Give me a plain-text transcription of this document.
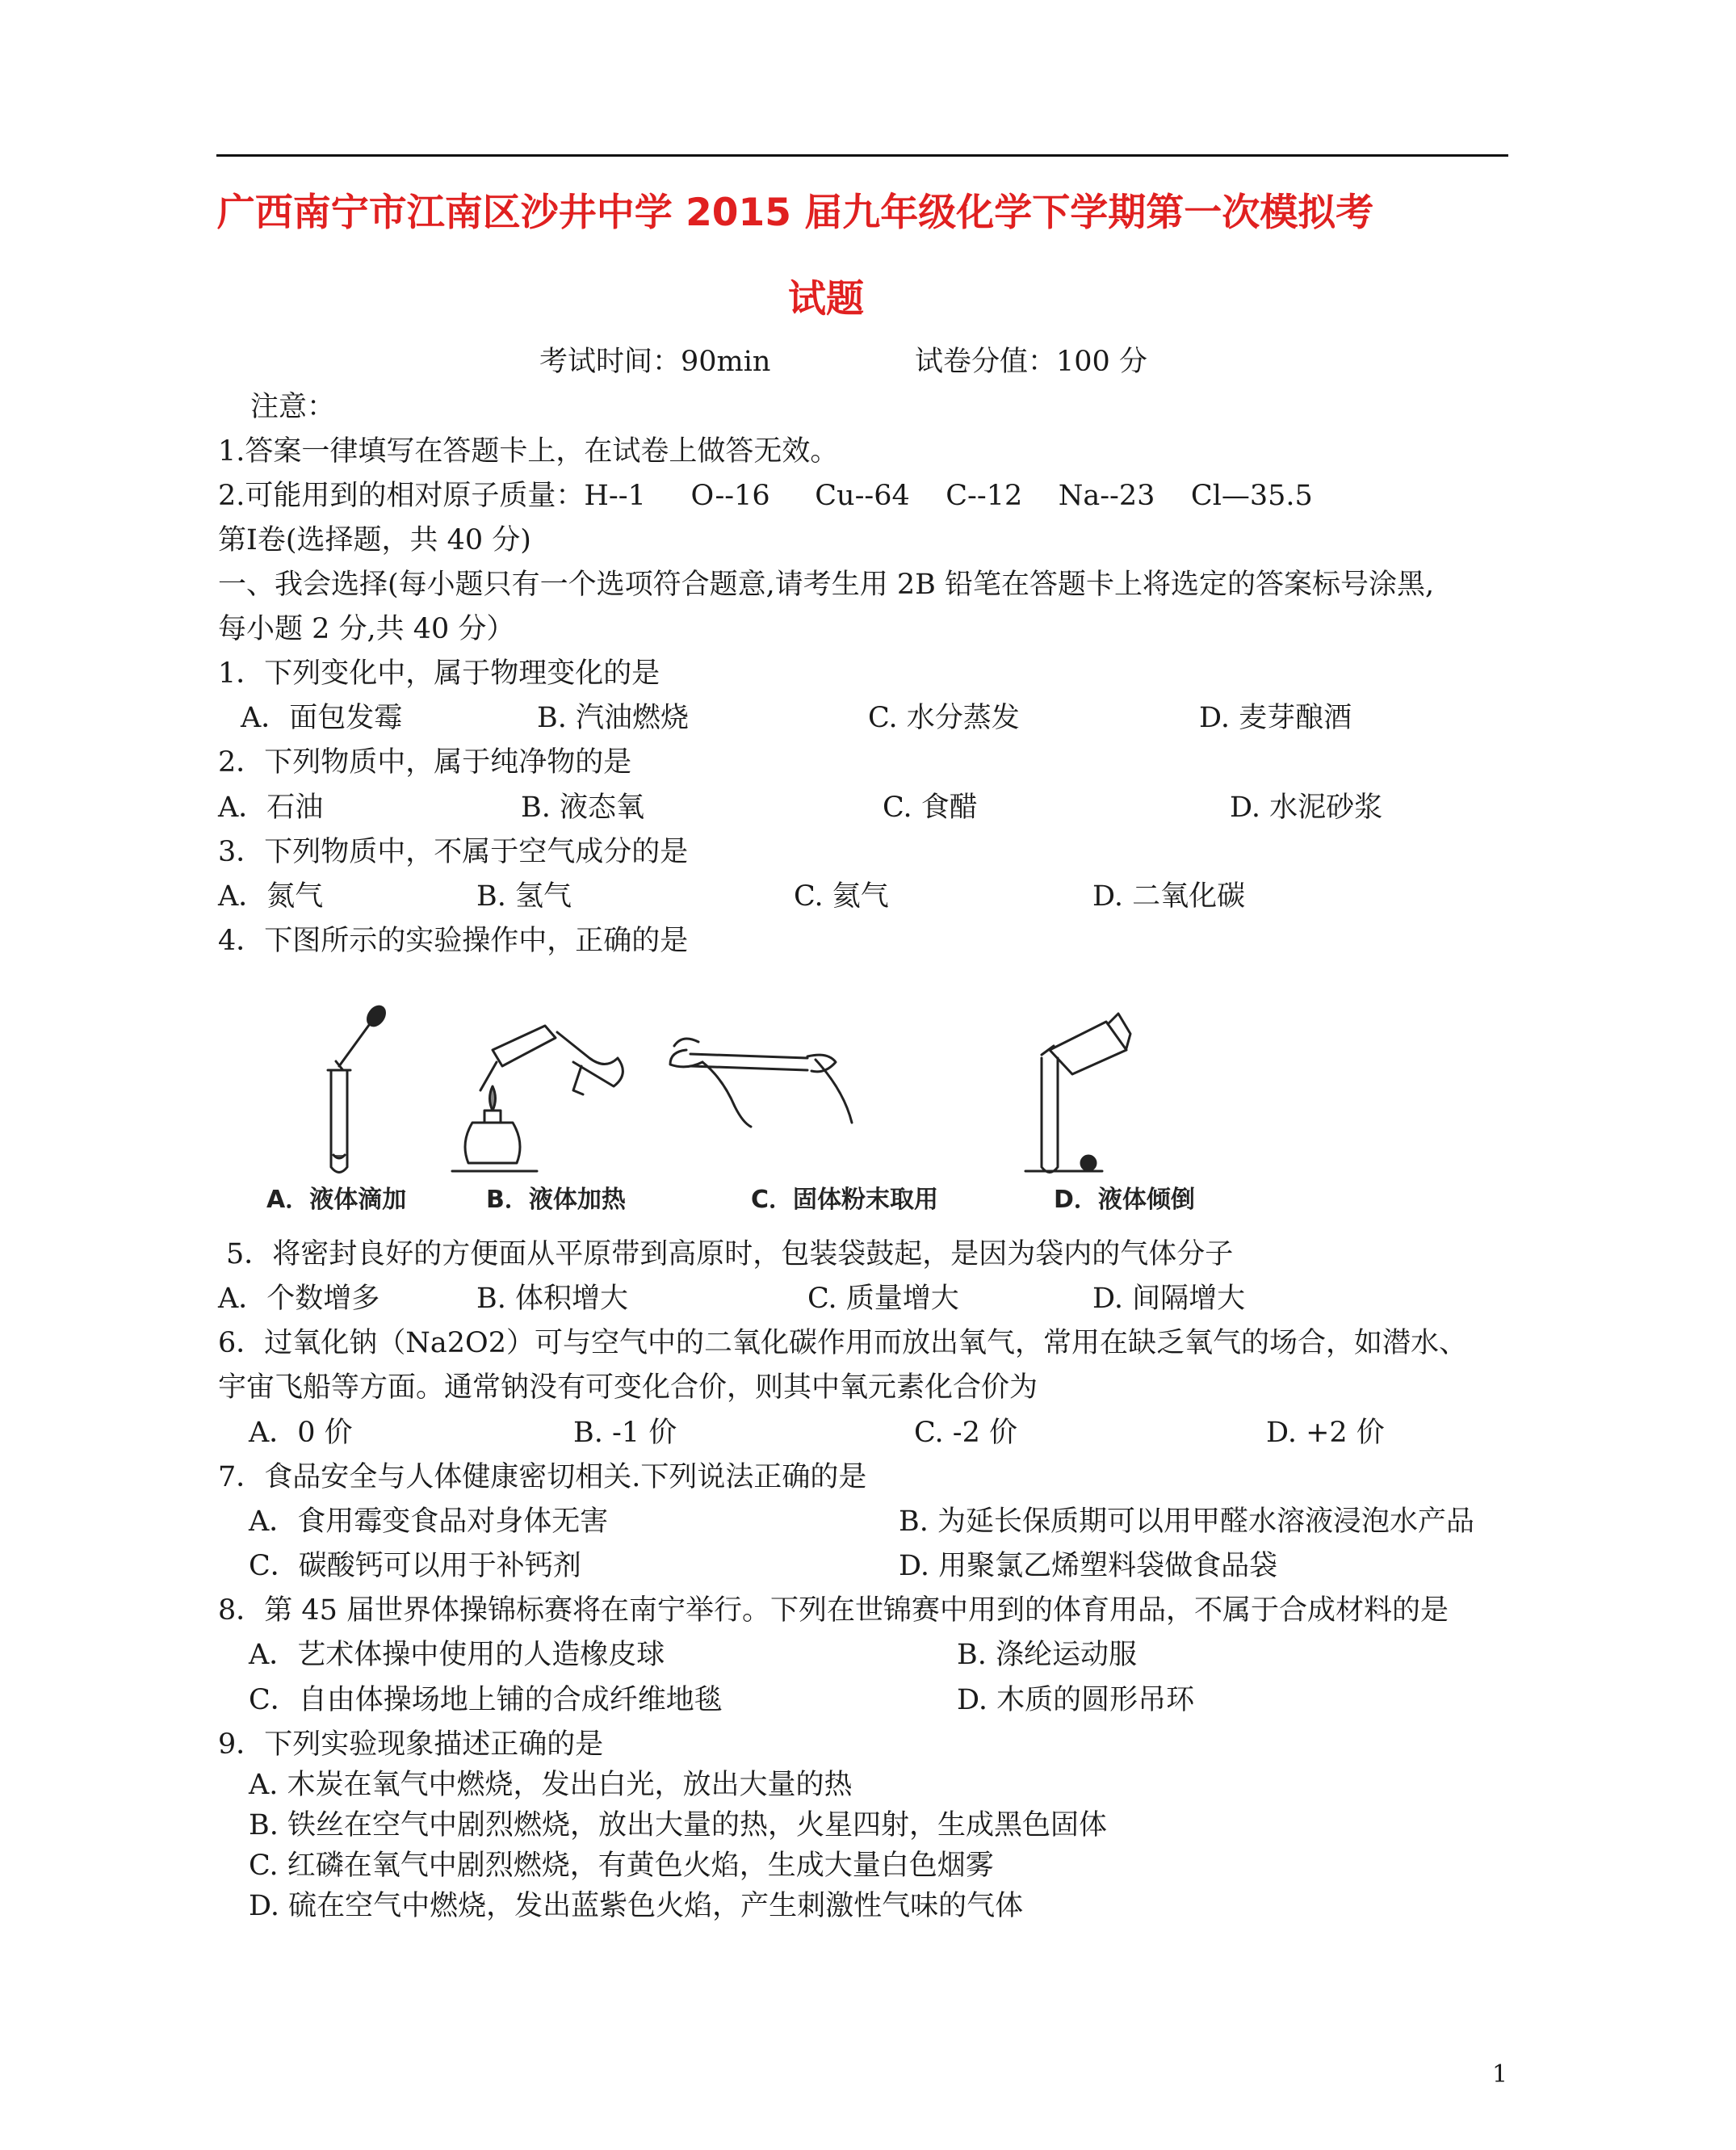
广西南宁市江南区沙井中学 2015 届九年级化学下学期第一次模拟考
试题
考试时间：90min	试卷分值：100 分
注意：
1.答案一律填写在答题卡上，在试卷上做答无效。
2.可能用到的相对原子质量：H--1     O--16     Cu--64    C--12    Na--23    Cl—35.5
第Ⅰ卷(选择题，共 40 分)
一、我会选择(每小题只有一个选项符合题意,请考生用 2B 铅笔在答题卡上将选定的答案标号涂黑,
每小题 2 分,共 40 分）
1．下列变化中，属于物理变化的是
A．面包发霉	B. 汽油燃烧	C. 水分蒸发	D. 麦芽酿酒
2．下列物质中，属于纯净物的是
A．石油	B. 液态氧	C. 食醋	D. 水泥砂浆
3．下列物质中，不属于空气成分的是
A．氮气	B. 氢气	C. 氦气	D. 二氧化碳
4．下图所示的实验操作中，正确的是
A．液体滴加	B．液体加热	C．固体粉末取用	D．液体倾倒
5．将密封良好的方便面从平原带到高原时，包装袋鼓起，是因为袋内的气体分子
A．个数增多	B. 体积增大	C. 质量增大	D. 间隔增大
6．过氧化钠（Na2O2）可与空气中的二氧化碳作用而放出氧气，常用在缺乏氧气的场合，如潜水、
宇宙飞船等方面。通常钠没有可变化合价，则其中氧元素化合价为
A．0 价	B. -1 价	C. -2 价	D. +2 价
7．食品安全与人体健康密切相关.下列说法正确的是
A．食用霉变食品对身体无害	B. 为延长保质期可以用甲醛水溶液浸泡水产品
C．碳酸钙可以用于补钙剂	D. 用聚氯乙烯塑料袋做食品袋
8．第 45 届世界体操锦标赛将在南宁举行。下列在世锦赛中用到的体育用品，不属于合成材料的是
A．艺术体操中使用的人造橡皮球	B. 涤纶运动服
C．自由体操场地上铺的合成纤维地毯	D. 木质的圆形吊环
9．下列实验现象描述正确的是
A. 木炭在氧气中燃烧，发出白光，放出大量的热
B. 铁丝在空气中剧烈燃烧，放出大量的热，火星四射，生成黑色固体
C. 红磷在氧气中剧烈燃烧，有黄色火焰，生成大量白色烟雾
D. 硫在空气中燃烧，发出蓝紫色火焰，产生刺激性气味的气体
1
